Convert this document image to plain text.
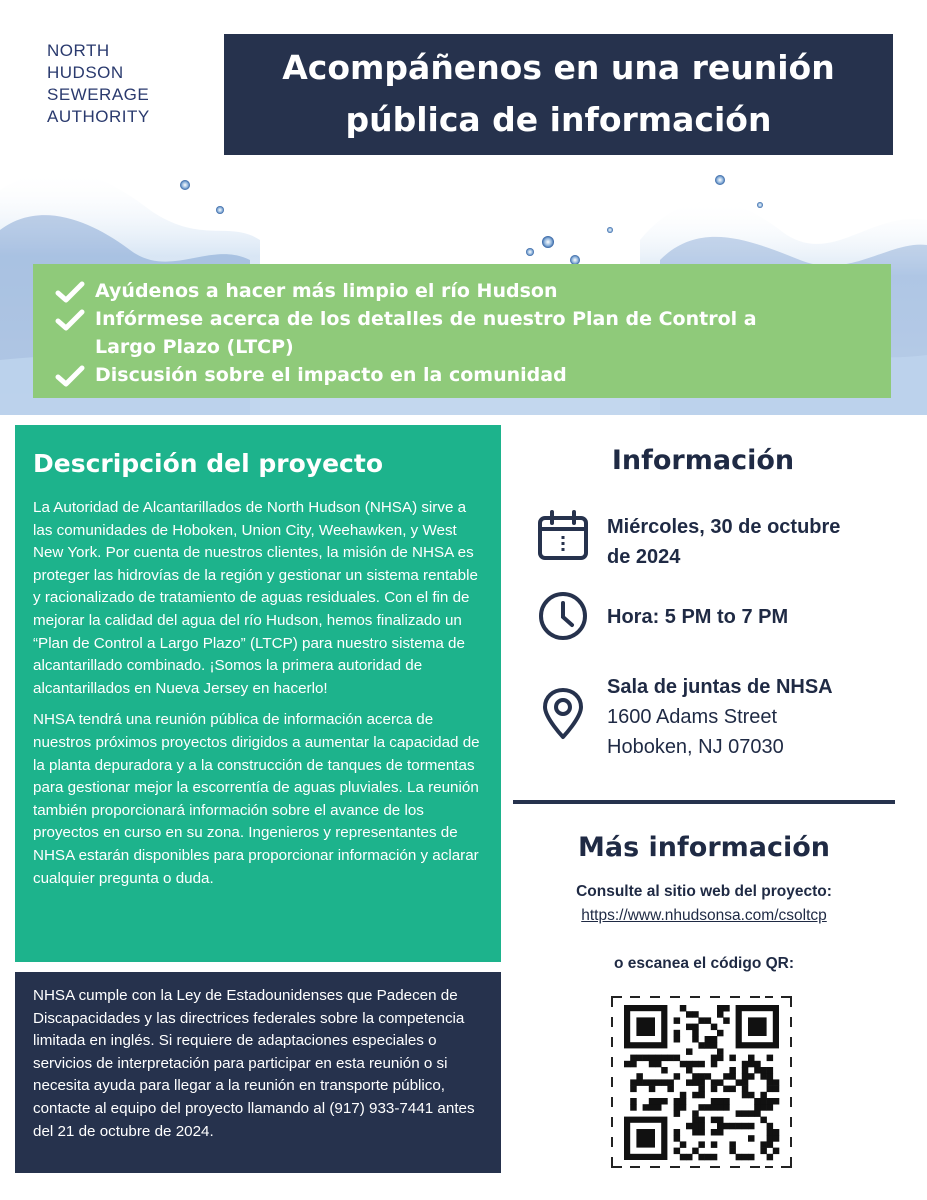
NORTH
HUDSON
SEWERAGE
AUTHORITY
Acompáñenos en una reunión
pública de información
Ayúdenos a hacer más limpio el río Hudson
Infórmese acerca de los detalles de nuestro Plan de Control a Largo Plazo (LTCP)
Discusión sobre el impacto en la comunidad
Descripción del proyecto

La Autoridad de Alcantarillados de North Hudson (NHSA) sirve a las comunidades de Hoboken, Union City, Weehawken, y West New York. Por cuenta de nuestros clientes, la misión de NHSA es proteger las hidrovías de la región y gestionar un sistema rentable y racionalizado de tratamiento de aguas residuales. Con el fin de mejorar la calidad del agua del río Hudson, hemos finalizado un “Plan de Control a Largo Plazo” (LTCP) para nuestro sistema de alcantarillado combinado. ¡Somos la primera autoridad de alcantarillados en Nueva Jersey en hacerlo!

NHSA tendrá una reunión pública de información acerca de nuestros próximos proyectos dirigidos a aumentar la capacidad de la planta depuradora y a la construcción de tanques de tormentas para gestionar mejor la escorrentía de aguas pluviales. La reunión también proporcionará información sobre el avance de los proyectos en curso en su zona. Ingenieros y representantes de NHSA estarán disponibles para proporcionar información y aclarar cualquier pregunta o duda.

NHSA cumple con la Ley de Estadounidenses que Padecen de Discapacidades y las directrices federales sobre la competencia limitada en inglés. Si requiere de adaptaciones especiales o servicios de interpretación para participar en esta reunión o si necesita ayuda para llegar a la reunión en transporte público, contacte al equipo del proyecto llamando al (917) 933-7441 antes del 21 de octubre de 2024.
Información
Miércoles, 30 de octubre
de 2024
Hora: 5 PM to 7 PM
Sala de juntas de NHSA
1600 Adams Street
Hoboken, NJ 07030
Más información
Consulte al sitio web del proyecto:
https://www.nhudsonsa.com/csoltcp
o escanea el código QR:
